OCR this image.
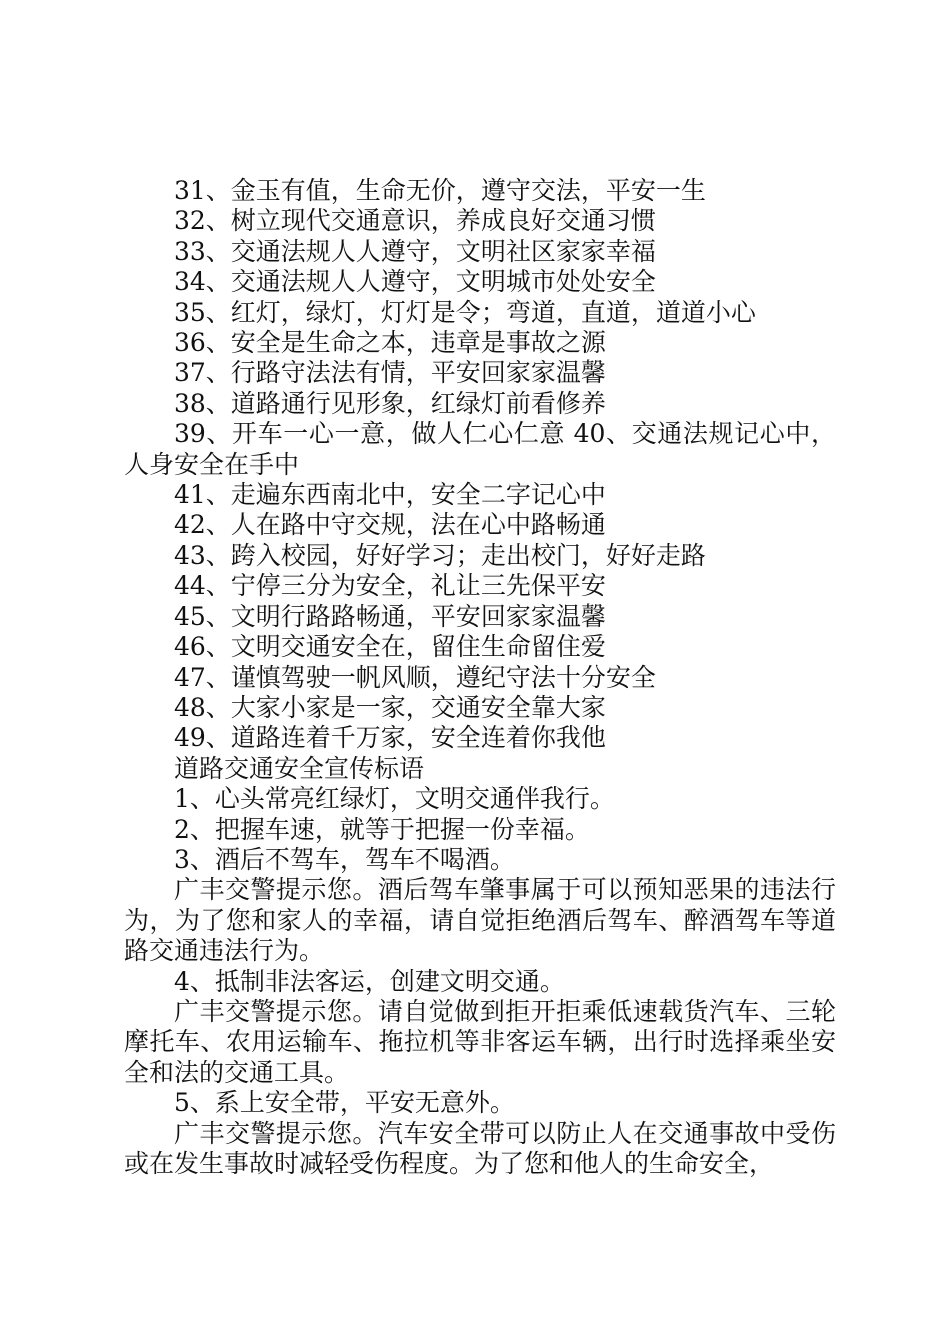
31、金玉有值，生命无价，遵守交法，平安一生

32、树立现代交通意识，养成良好交通习惯

33、交通法规人人遵守，文明社区家家幸福

34、交通法规人人遵守，文明城市处处安全

35、红灯，绿灯，灯灯是令；弯道，直道，道道小心

36、安全是生命之本，违章是事故之源

37、行路守法法有情，平安回家家温馨

38、道路通行见形象，红绿灯前看修养

39、开车一心一意，做人仁心仁意 40、交通法规记心中，人身安全在手中

41、走遍东西南北中，安全二字记心中

42、人在路中守交规，法在心中路畅通

43、跨入校园，好好学习；走出校门，好好走路

44、宁停三分为安全，礼让三先保平安

45、文明行路路畅通，平安回家家温馨

46、文明交通安全在，留住生命留住爱

47、谨慎驾驶一帆风顺，遵纪守法十分安全

48、大家小家是一家，交通安全靠大家

49、道路连着千万家，安全连着你我他

道路交通安全宣传标语

1、心头常亮红绿灯，文明交通伴我行。

2、把握车速，就等于把握一份幸福。

3、酒后不驾车，驾车不喝酒。

广丰交警提示您。酒后驾车肇事属于可以预知恶果的违法行为，为了您和家人的幸福，请自觉拒绝酒后驾车、醉酒驾车等道路交通违法行为。

4、抵制非法客运，创建文明交通。

广丰交警提示您。请自觉做到拒开拒乘低速载货汽车、三轮摩托车、农用运输车、拖拉机等非客运车辆，出行时选择乘坐安全和法的交通工具。

5、系上安全带，平安无意外。

广丰交警提示您。汽车安全带可以防止人在交通事故中受伤或在发生事故时减轻受伤程度。为了您和他人的生命安全，
